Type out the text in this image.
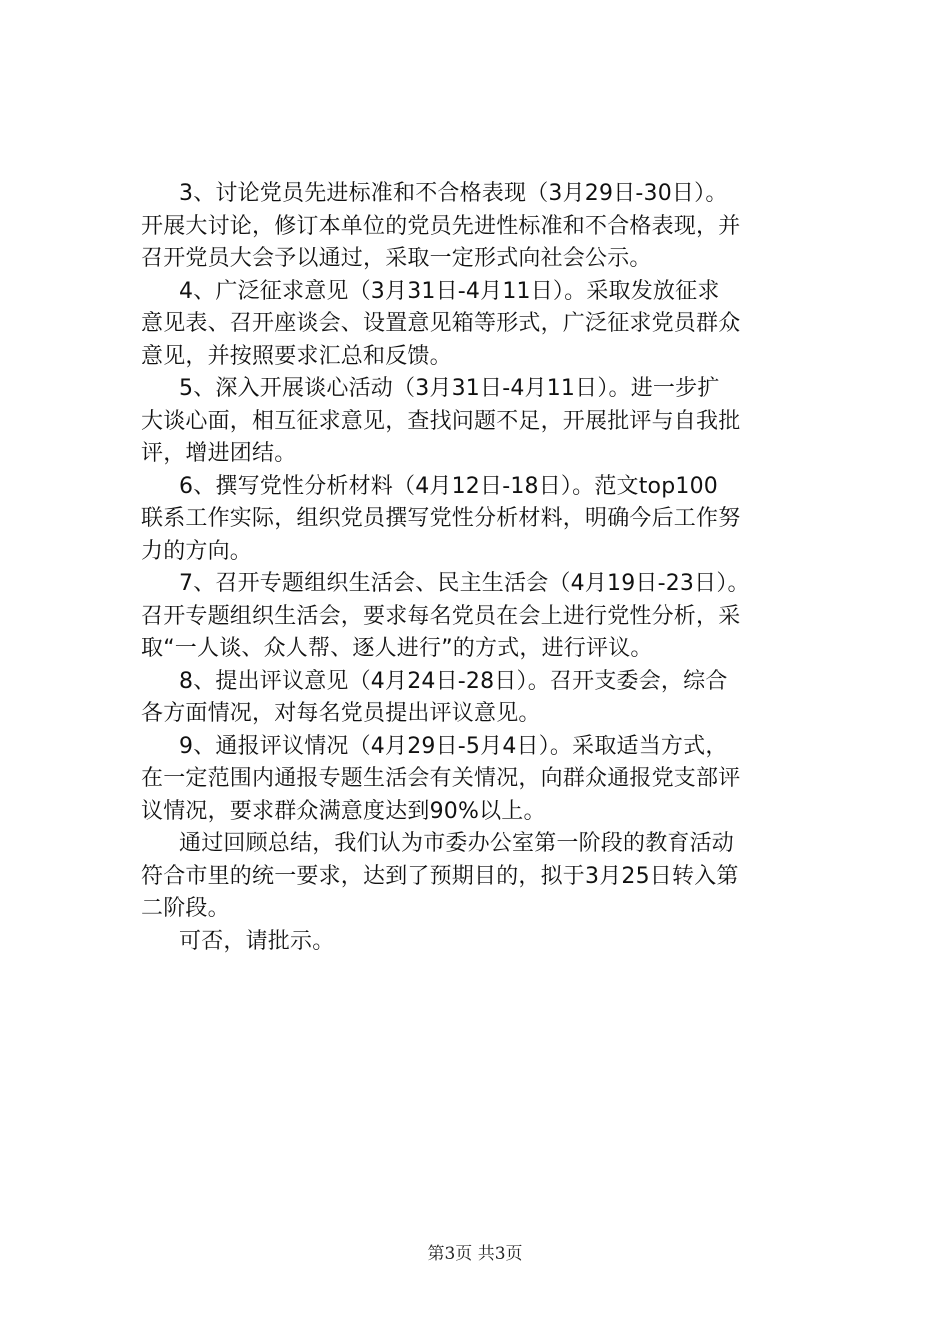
3、讨论党员先进标准和不合格表现（3月29日-30日）。
开展大讨论，修订本单位的党员先进性标准和不合格表现，并
召开党员大会予以通过，采取一定形式向社会公示。
4、广泛征求意见（3月31日-4月11日）。采取发放征求
意见表、召开座谈会、设置意见箱等形式，广泛征求党员群众
意见，并按照要求汇总和反馈。
5、深入开展谈心活动（3月31日-4月11日）。进一步扩
大谈心面，相互征求意见，查找问题不足，开展批评与自我批
评，增进团结。
6、撰写党性分析材料（4月12日-18日）。范文top100
联系工作实际，组织党员撰写党性分析材料，明确今后工作努
力的方向。
7、召开专题组织生活会、民主生活会（4月19日-23日）。
召开专题组织生活会，要求每名党员在会上进行党性分析，采
取“一人谈、众人帮、逐人进行”的方式，进行评议。
8、提出评议意见（4月24日-28日）。召开支委会，综合
各方面情况，对每名党员提出评议意见。
9、通报评议情况（4月29日-5月4日）。采取适当方式，
在一定范围内通报专题生活会有关情况，向群众通报党支部评
议情况，要求群众满意度达到90%以上。
通过回顾总结，我们认为市委办公室第一阶段的教育活动
符合市里的统一要求，达到了预期目的，拟于3月25日转入第
二阶段。
可否，请批示。
第3页 共3页
